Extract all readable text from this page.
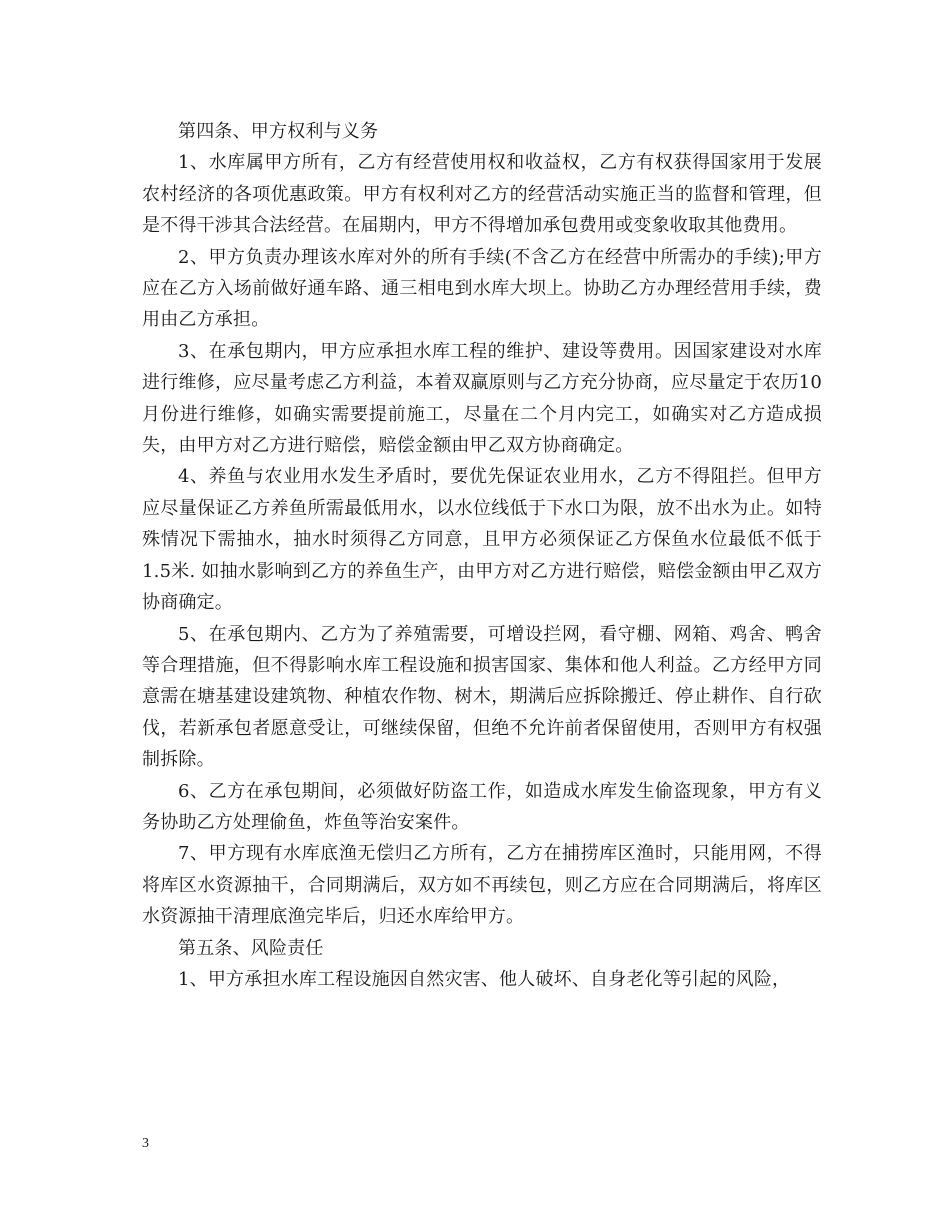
第四条、甲方权利与义务

1、水库属甲方所有，乙方有经营使用权和收益权，乙方有权获得国家用于发展农村经济的各项优惠政策。甲方有权利对乙方的经营活动实施正当的监督和管理，但是不得干涉其合法经营。在届期内，甲方不得增加承包费用或变象收取其他费用。

2、甲方负责办理该水库对外的所有手续(不含乙方在经营中所需办的手续);甲方应在乙方入场前做好通车路、通三相电到水库大坝上。协助乙方办理经营用手续，费用由乙方承担。

3、在承包期内，甲方应承担水库工程的维护、建设等费用。因国家建设对水库进行维修，应尽量考虑乙方利益，本着双赢原则与乙方充分协商，应尽量定于农历10月份进行维修，如确实需要提前施工，尽量在二个月内完工，如确实对乙方造成损失，由甲方对乙方进行赔偿，赔偿金额由甲乙双方协商确定。

4、养鱼与农业用水发生矛盾时，要优先保证农业用水，乙方不得阻拦。但甲方应尽量保证乙方养鱼所需最低用水，以水位线低于下水口为限，放不出水为止。如特殊情况下需抽水，抽水时须得乙方同意，且甲方必须保证乙方保鱼水位最低不低于1.5米. 如抽水影响到乙方的养鱼生产，由甲方对乙方进行赔偿，赔偿金额由甲乙双方协商确定。

5、在承包期内、乙方为了养殖需要，可增设拦网，看守棚、网箱、鸡舍、鸭舍等合理措施，但不得影响水库工程设施和损害国家、集体和他人利益。乙方经甲方同意需在塘基建设建筑物、种植农作物、树木，期满后应拆除搬迁、停止耕作、自行砍伐，若新承包者愿意受让，可继续保留，但绝不允许前者保留使用，否则甲方有权强制拆除。

6、乙方在承包期间，必须做好防盗工作，如造成水库发生偷盗现象，甲方有义务协助乙方处理偷鱼，炸鱼等治安案件。

7、甲方现有水库底渔无偿归乙方所有，乙方在捕捞库区渔时，只能用网，不得将库区水资源抽干，合同期满后，双方如不再续包，则乙方应在合同期满后，将库区水资源抽干清理底渔完毕后，归还水库给甲方。

第五条、风险责任

1、甲方承担水库工程设施因自然灾害、他人破坏、自身老化等引起的风险，

3
